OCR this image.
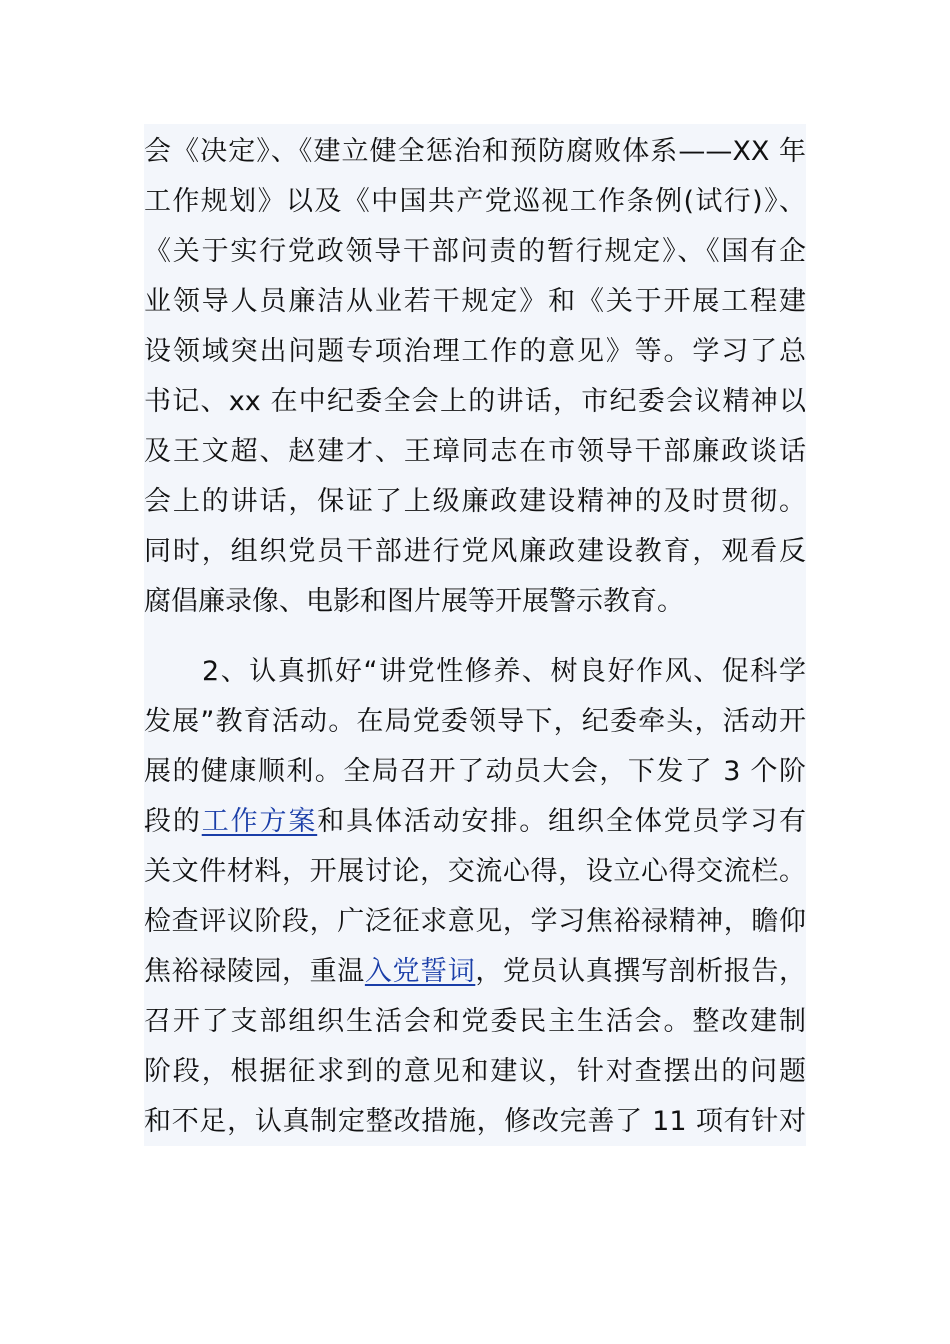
会《决定》、《建立健全惩治和预防腐败体系——XX 年
工作规划》以及《中国共产党巡视工作条例(试行)》、
《关于实行党政领导干部问责的暂行规定》、《国有企
业领导人员廉洁从业若干规定》和《关于开展工程建
设领域突出问题专项治理工作的意见》等。学习了总
书记、xx 在中纪委全会上的讲话，市纪委会议精神以
及王文超、赵建才、王璋同志在市领导干部廉政谈话
会上的讲话，保证了上级廉政建设精神的及时贯彻。
同时，组织党员干部进行党风廉政建设教育，观看反
腐倡廉录像、电影和图片展等开展警示教育。
2、认真抓好“讲党性修养、树良好作风、促科学
发展”教育活动。在局党委领导下，纪委牵头，活动开
展的健康顺利。全局召开了动员大会，下发了 3 个阶
段的工作方案和具体活动安排。组织全体党员学习有
关文件材料，开展讨论，交流心得，设立心得交流栏。
检查评议阶段，广泛征求意见，学习焦裕禄精神，瞻仰
焦裕禄陵园，重温入党誓词，党员认真撰写剖析报告，
召开了支部组织生活会和党委民主生活会。整改建制
阶段，根据征求到的意见和建议，针对查摆出的问题
和不足，认真制定整改措施，修改完善了 11 项有针对
